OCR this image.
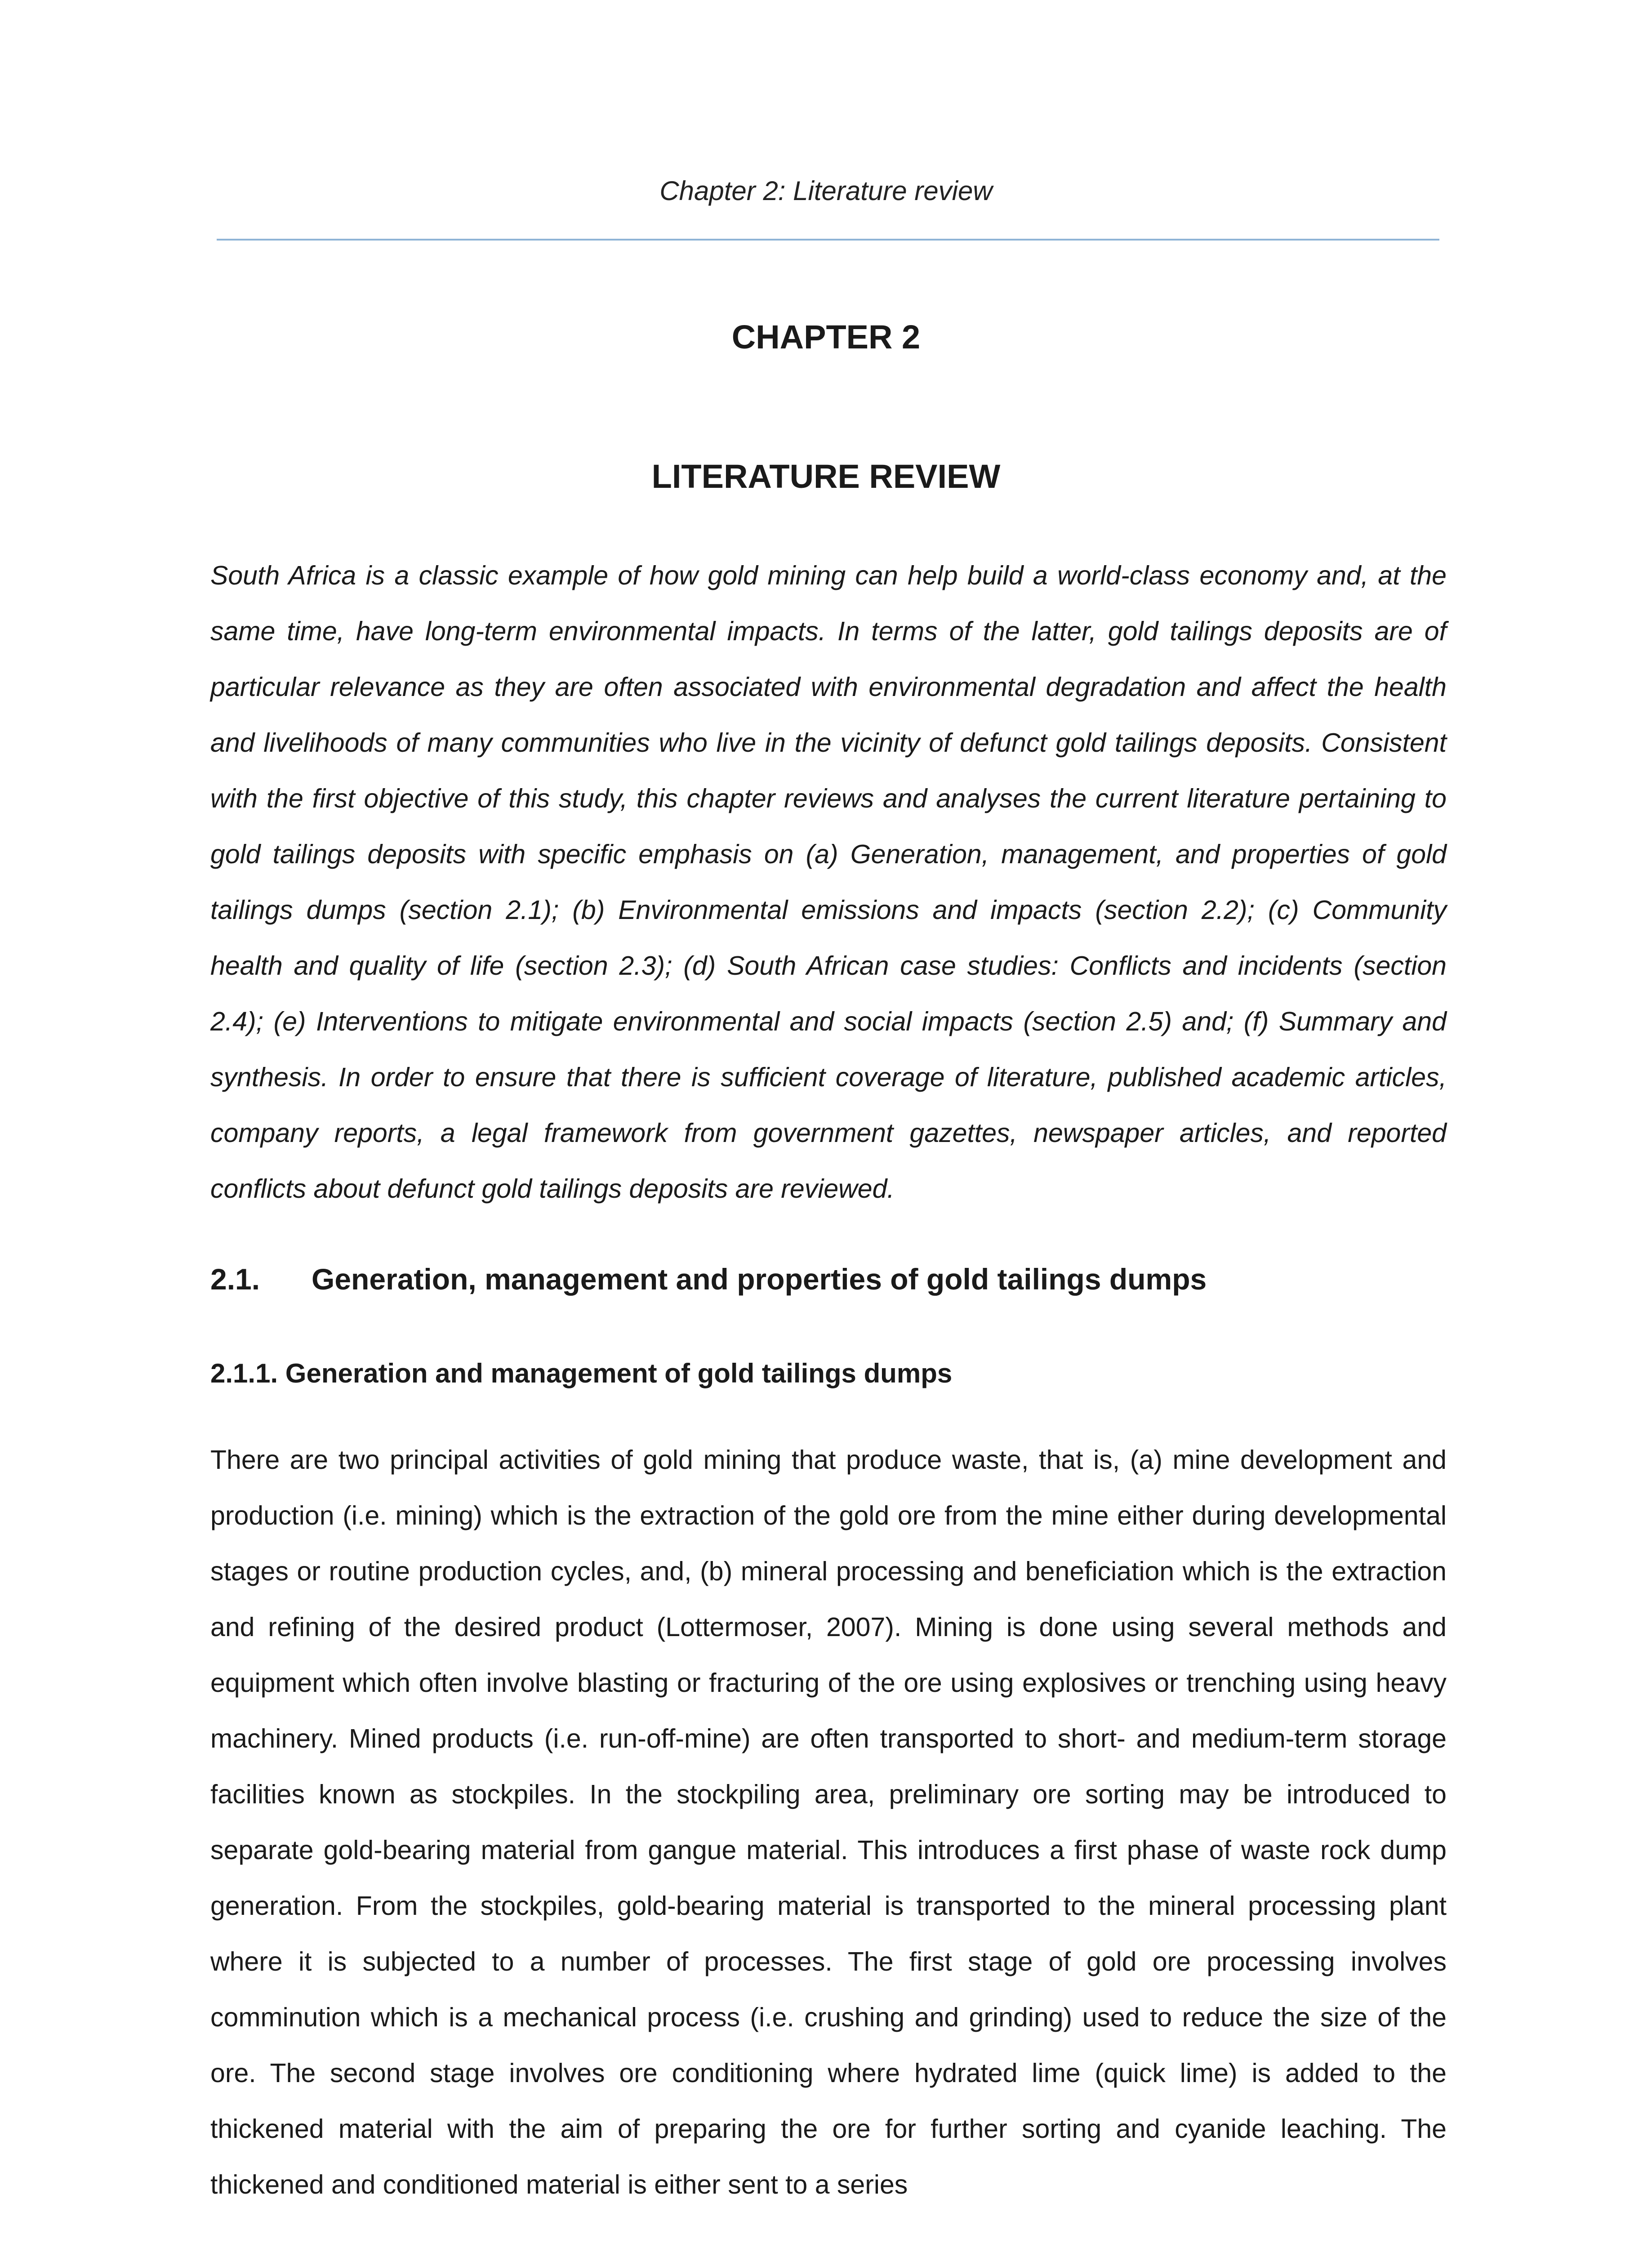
Chapter 2: Literature review
CHAPTER 2
LITERATURE REVIEW

South Africa is a classic example of how gold mining can help build a world-class economy and, at the same time, have long-term environmental impacts. In terms of the latter, gold tailings deposits are of particular relevance as they are often associated with environmental degradation and affect the health and livelihoods of many communities who live in the vicinity of defunct gold tailings deposits. Consistent with the first objective of this study, this chapter reviews and analyses the current literature pertaining to gold tailings deposits with specific emphasis on (a) Generation, management, and properties of gold tailings dumps (section 2.1); (b) Environmental emissions and impacts (section 2.2); (c) Community health and quality of life (section 2.3); (d) South African case studies: Conflicts and incidents (section 2.4); (e) Interventions to mitigate environmental and social impacts (section 2.5) and; (f) Summary and synthesis. In order to ensure that there is sufficient coverage of literature, published academic articles, company reports, a legal framework from government gazettes, newspaper articles, and reported conflicts about defunct gold tailings deposits are reviewed.

2.1. Generation, management and properties of gold tailings dumps
2.1.1. Generation and management of gold tailings dumps

There are two principal activities of gold mining that produce waste, that is, (a) mine development and production (i.e. mining) which is the extraction of the gold ore from the mine either during developmental stages or routine production cycles, and, (b) mineral processing and beneficiation which is the extraction and refining of the desired product (Lottermoser, 2007). Mining is done using several methods and equipment which often involve blasting or fracturing of the ore using explosives or trenching using heavy machinery. Mined products (i.e. run-off-mine) are often transported to short- and medium-term storage facilities known as stockpiles. In the stockpiling area, preliminary ore sorting may be introduced to separate gold-bearing material from gangue material. This introduces a first phase of waste rock dump generation. From the stockpiles, gold-bearing material is transported to the mineral processing plant where it is subjected to a number of processes. The first stage of gold ore processing involves comminution which is a mechanical process (i.e. crushing and grinding) used to reduce the size of the ore. The second stage involves ore conditioning where hydrated lime (quick lime) is added to the thickened material with the aim of preparing the ore for further sorting and cyanide leaching. The thickened and conditioned material is either sent to a series
